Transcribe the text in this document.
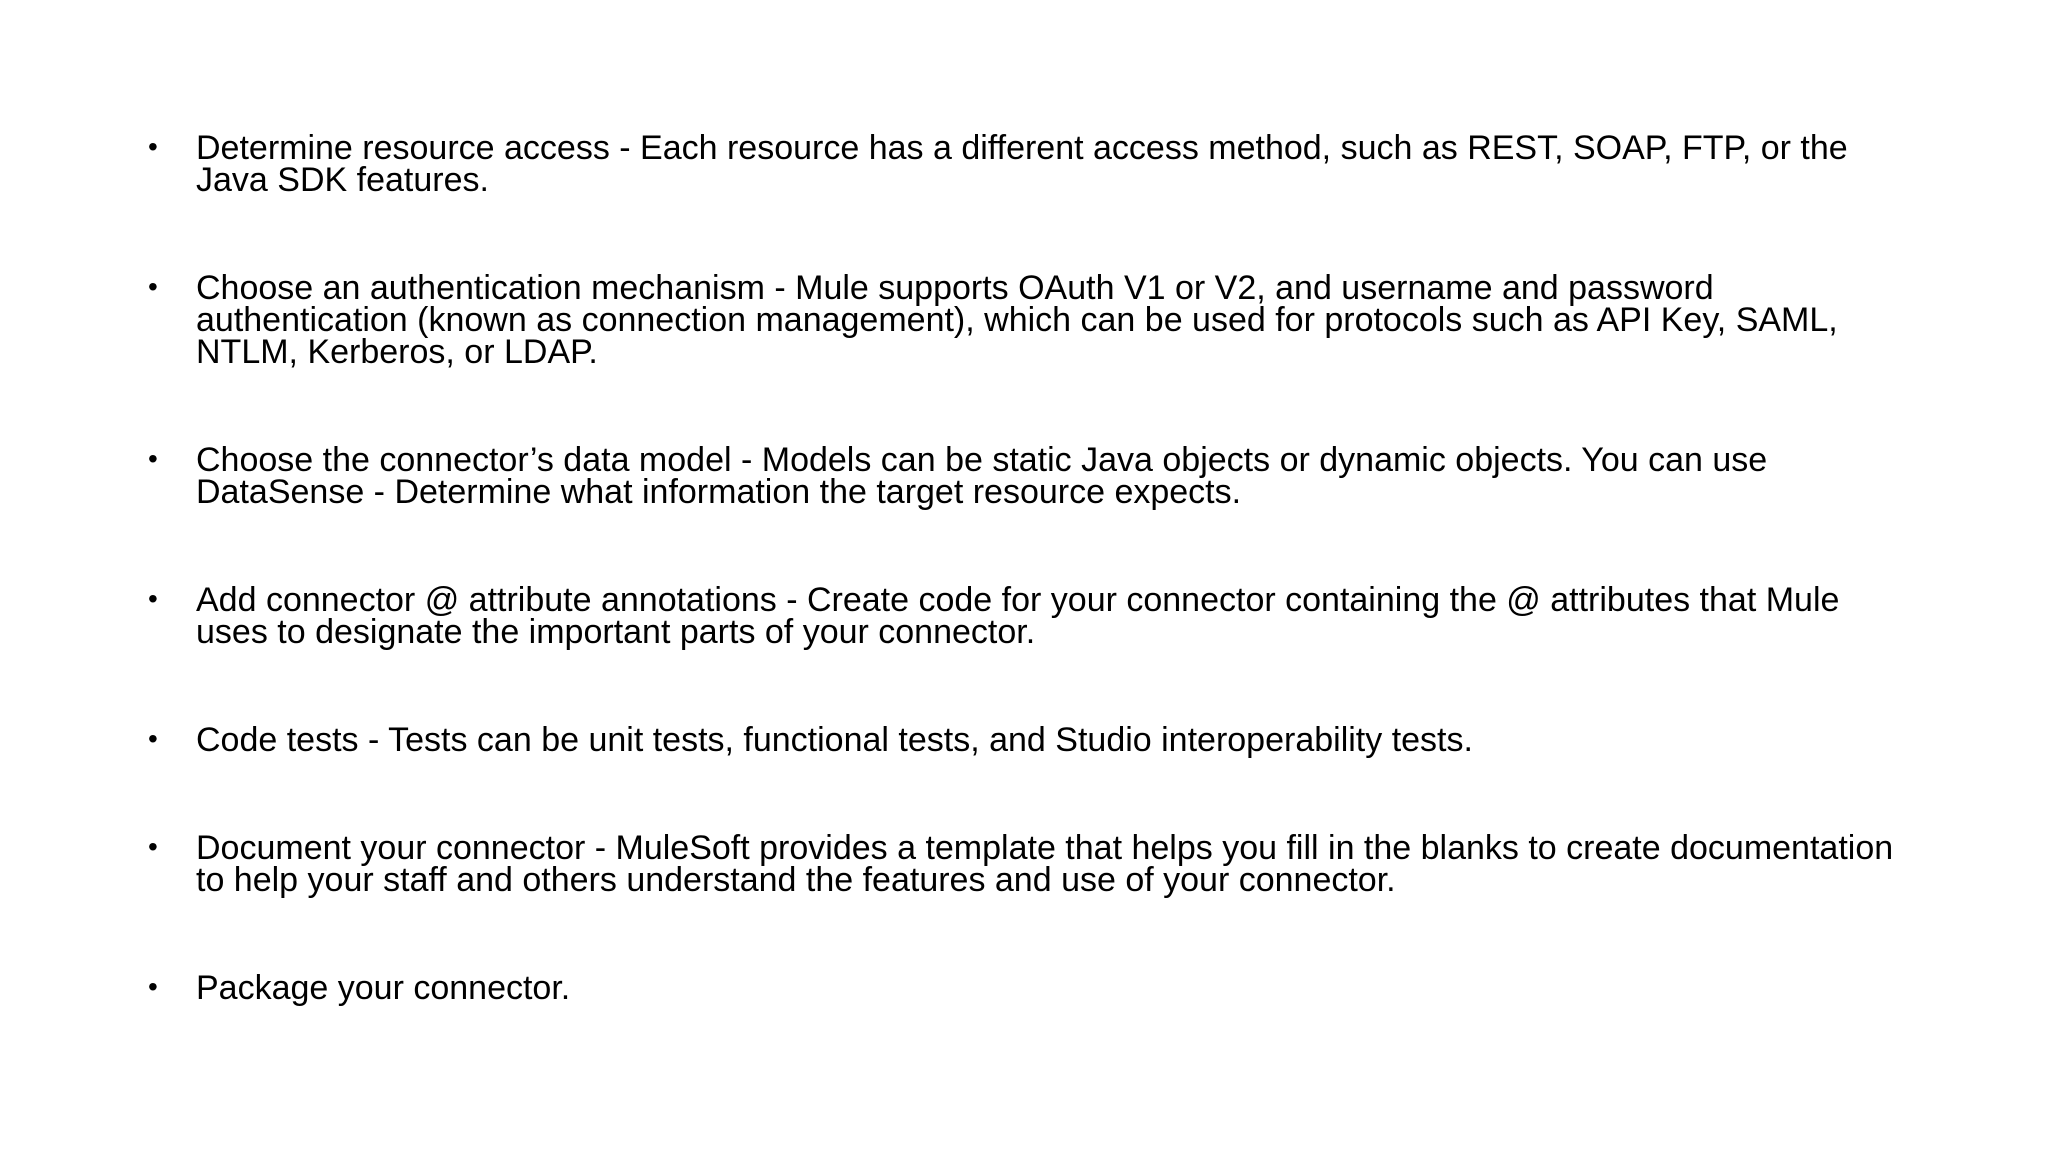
•	Determine resource access - Each resource has a different access method, such as REST, SOAP, FTP, or the Java SDK features.
•	Choose an authentication mechanism - Mule supports OAuth V1 or V2, and username and password authentication (known as connection management), which can be used for protocols such as API Key, SAML, NTLM, Kerberos, or LDAP.
•	Choose the connector’s data model - Models can be static Java objects or dynamic objects. You can use DataSense - Determine what information the target resource expects.
•	Add connector @ attribute annotations - Create code for your connector containing the @ attributes that Mule uses to designate the important parts of your connector.
•	Code tests - Tests can be unit tests, functional tests, and Studio interoperability tests.
•	Document your connector - MuleSoft provides a template that helps you fill in the blanks to create documentation to help your staff and others understand the features and use of your connector.
•	Package your connector.
